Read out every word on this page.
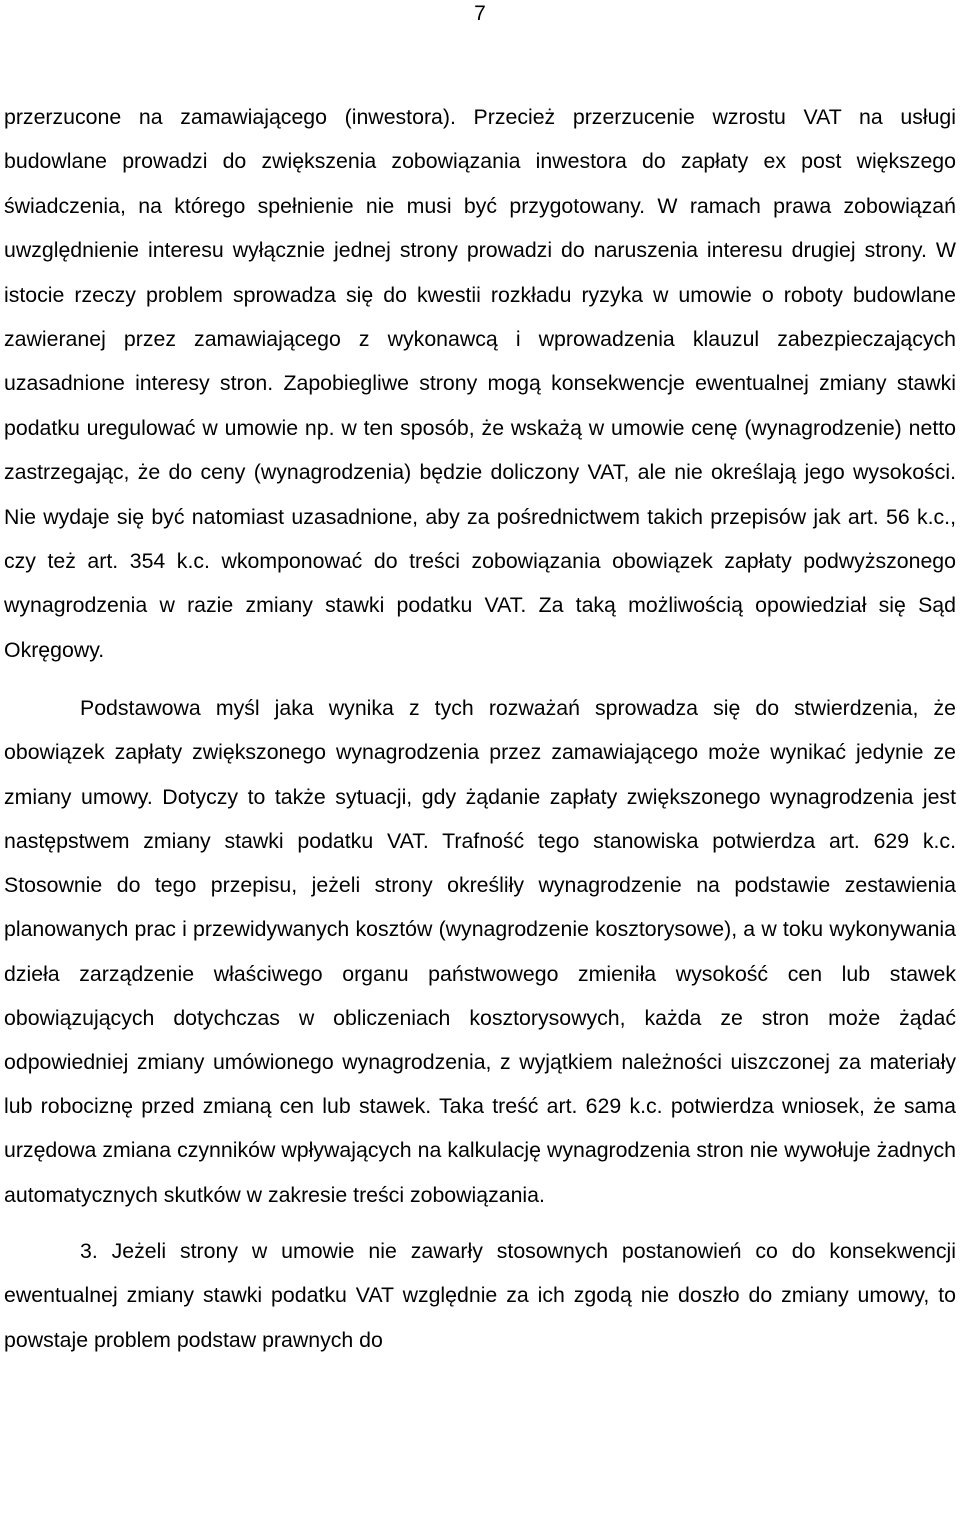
7

przerzucone na zamawiającego (inwestora). Przecież przerzucenie wzrostu VAT na usługi budowlane prowadzi do zwiększenia zobowiązania inwestora do zapłaty ex post większego świadczenia, na którego spełnienie nie musi być przygotowany. W ramach prawa zobowiązań uwzględnienie interesu wyłącznie jednej strony prowadzi do naruszenia interesu drugiej strony. W istocie rzeczy problem sprowadza się do kwestii rozkładu ryzyka w umowie o roboty budowlane zawieranej przez zamawiającego z wykonawcą i wprowadzenia klauzul zabezpieczających uzasadnione interesy stron. Zapobiegliwe strony mogą konsekwencje ewentualnej zmiany stawki podatku uregulować w umowie np. w ten sposób, że wskażą w umowie cenę (wynagrodzenie) netto zastrzegając, że do ceny (wynagrodzenia) będzie doliczony VAT, ale nie określają jego wysokości. Nie wydaje się być natomiast uzasadnione, aby za pośrednictwem takich przepisów jak art. 56 k.c., czy też art. 354 k.c. wkomponować do treści zobowiązania obowiązek zapłaty podwyższonego wynagrodzenia w razie zmiany stawki podatku VAT. Za taką możliwością opowiedział się Sąd Okręgowy.

Podstawowa myśl jaka wynika z tych rozważań sprowadza się do stwierdzenia, że obowiązek zapłaty zwiększonego wynagrodzenia przez zamawiającego może wynikać jedynie ze zmiany umowy. Dotyczy to także sytuacji, gdy żądanie zapłaty zwiększonego wynagrodzenia jest następstwem zmiany stawki podatku VAT. Trafność tego stanowiska potwierdza art. 629 k.c. Stosownie do tego przepisu, jeżeli strony określiły wynagrodzenie na podstawie zestawienia planowanych prac i przewidywanych kosztów (wynagrodzenie kosztorysowe), a w toku wykonywania dzieła zarządzenie właściwego organu państwowego zmieniła wysokość cen lub stawek obowiązujących dotychczas w obliczeniach kosztorysowych, każda ze stron może żądać odpowiedniej zmiany umówionego wynagrodzenia, z wyjątkiem należności uiszczonej za materiały lub robociznę przed zmianą cen lub stawek. Taka treść art. 629 k.c. potwierdza wniosek, że sama urzędowa zmiana czynników wpływających na kalkulację wynagrodzenia stron nie wywołuje żadnych automatycznych skutków w zakresie treści zobowiązania.

3. Jeżeli strony w umowie nie zawarły stosownych postanowień co do konsekwencji ewentualnej zmiany stawki podatku VAT względnie za ich zgodą nie doszło do zmiany umowy, to powstaje problem podstaw prawnych do
